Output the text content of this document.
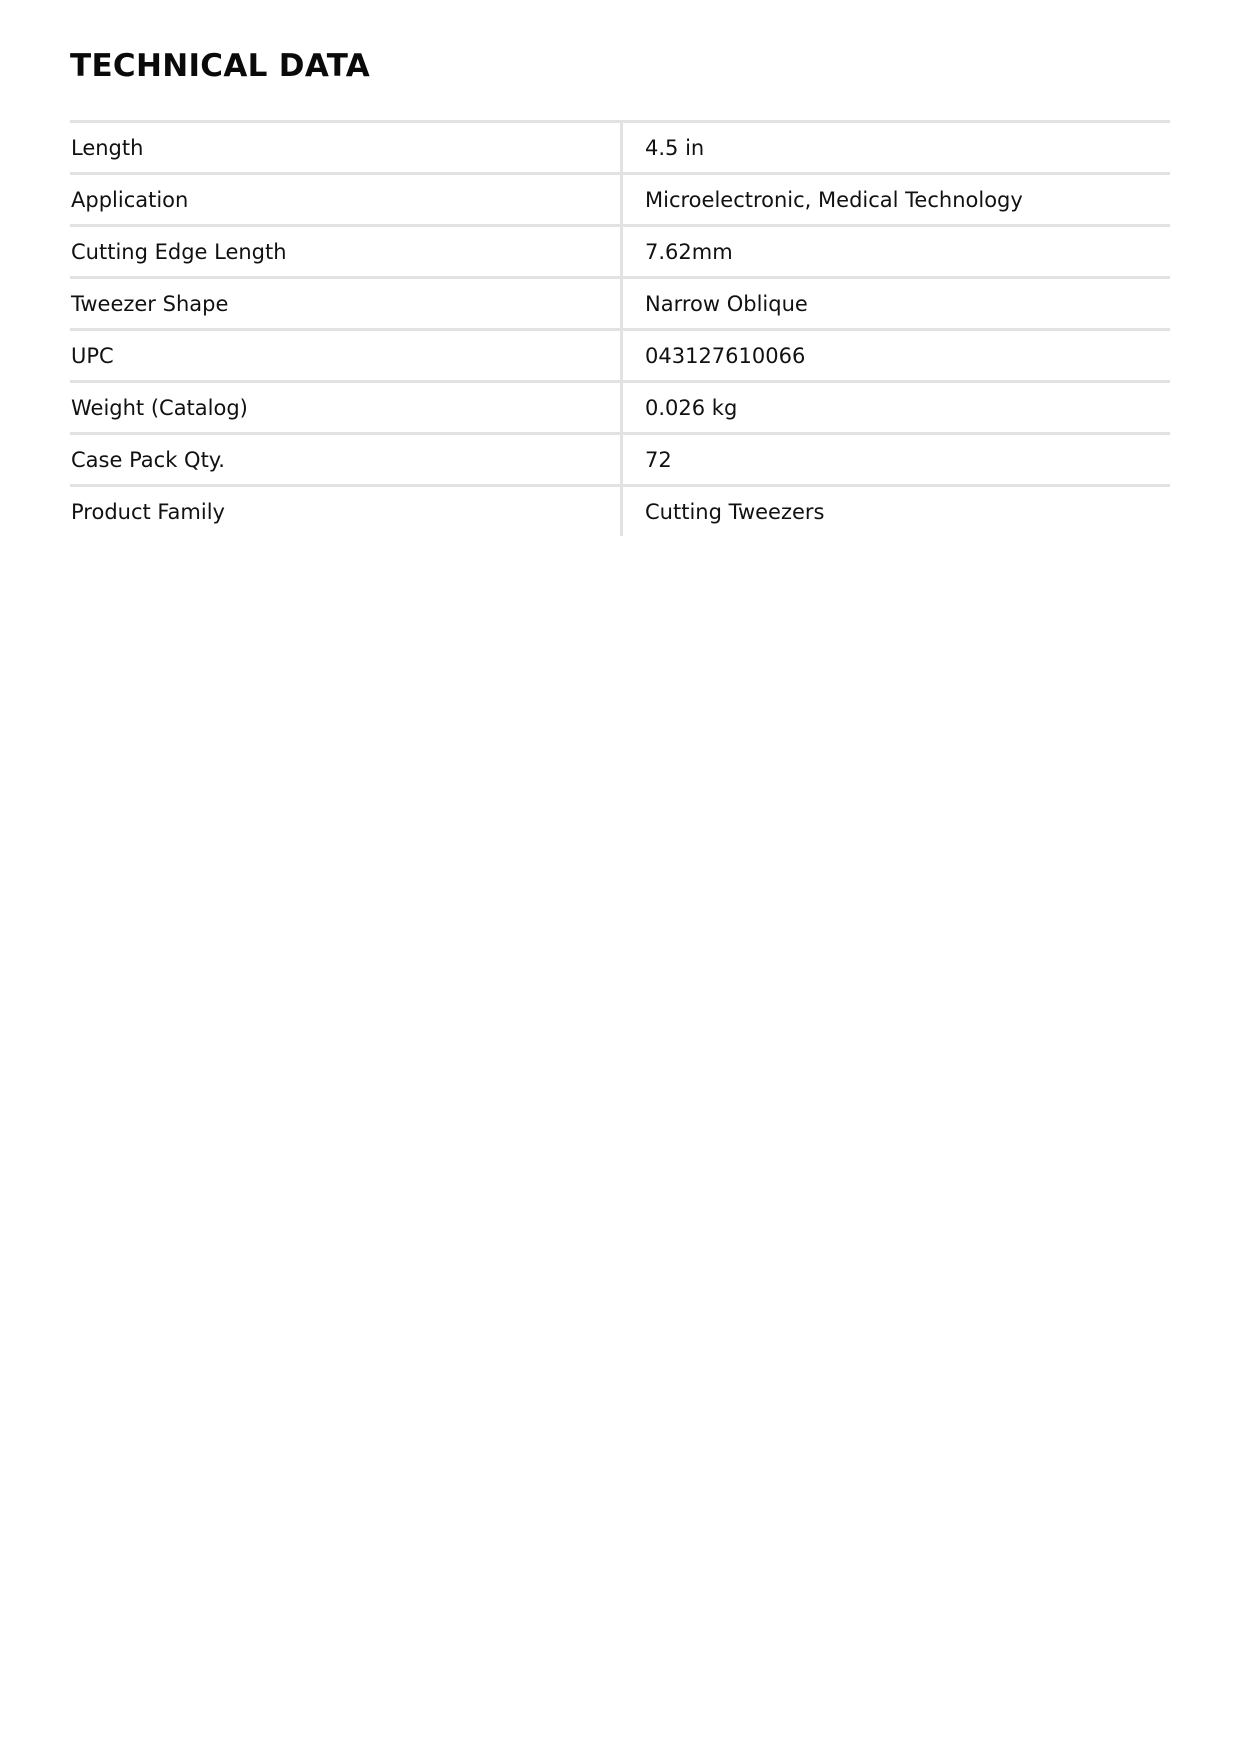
TECHNICAL DATA
Length	4.5 in
Application	Microelectronic, Medical Technology
Cutting Edge Length	7.62mm
Tweezer Shape	Narrow Oblique
UPC	043127610066
Weight (Catalog)	0.026 kg
Case Pack Qty.	72
Product Family	Cutting Tweezers
